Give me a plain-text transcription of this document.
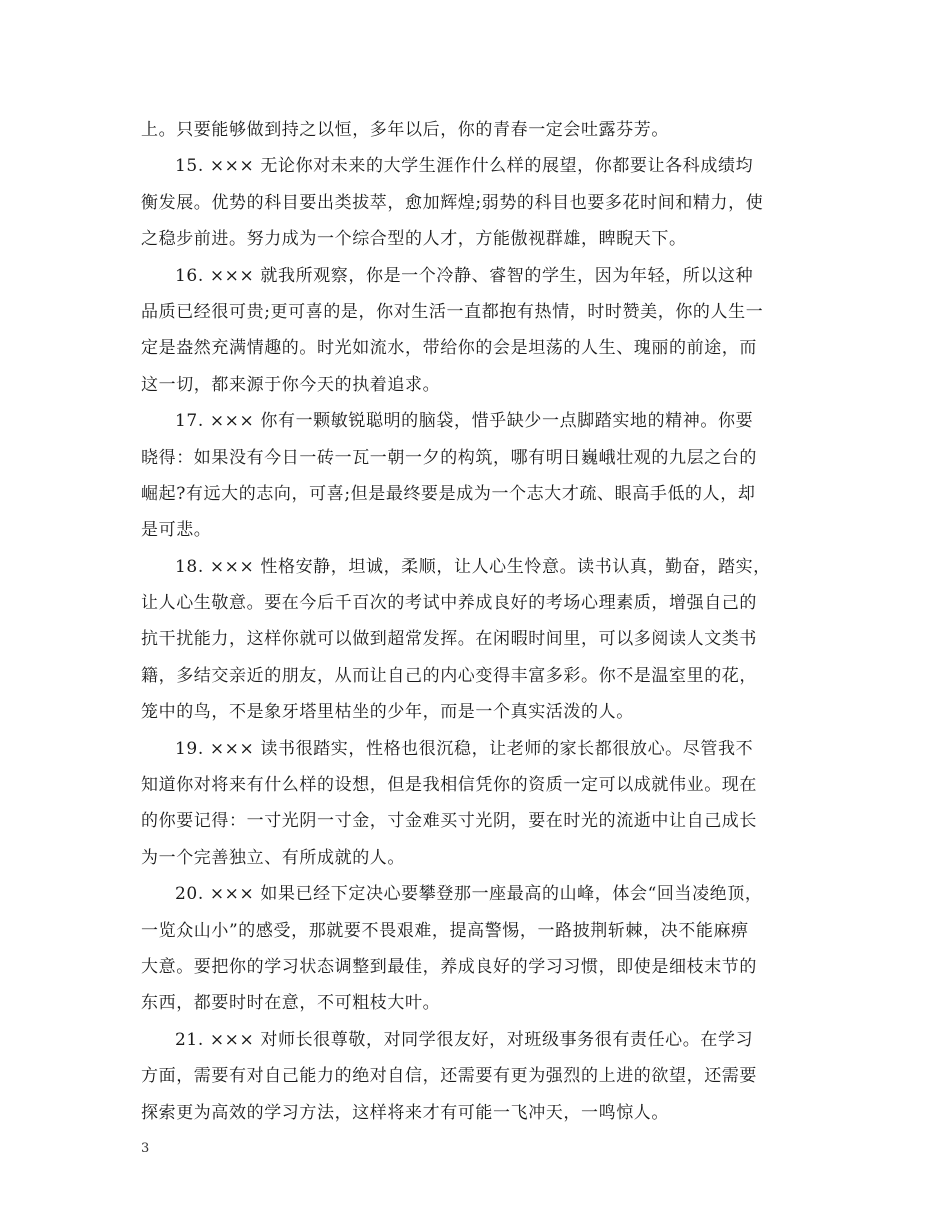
上。只要能够做到持之以恒，多年以后，你的青春一定会吐露芬芳。
15. ××× 无论你对未来的大学生涯作什么样的展望，你都要让各科成绩均
衡发展。优势的科目要出类拔萃，愈加辉煌;弱势的科目也要多花时间和精力，使
之稳步前进。努力成为一个综合型的人才，方能傲视群雄，睥睨天下。
16. ××× 就我所观察，你是一个冷静、睿智的学生，因为年轻，所以这种
品质已经很可贵;更可喜的是，你对生活一直都抱有热情，时时赞美，你的人生一
定是盎然充满情趣的。时光如流水，带给你的会是坦荡的人生、瑰丽的前途，而
这一切，都来源于你今天的执着追求。
17. ××× 你有一颗敏锐聪明的脑袋，惜乎缺少一点脚踏实地的精神。你要
晓得：如果没有今日一砖一瓦一朝一夕的构筑，哪有明日巍峨壮观的九层之台的
崛起?有远大的志向，可喜;但是最终要是成为一个志大才疏、眼高手低的人，却
是可悲。
18. ××× 性格安静，坦诚，柔顺，让人心生怜意。读书认真，勤奋，踏实，
让人心生敬意。要在今后千百次的考试中养成良好的考场心理素质，增强自己的
抗干扰能力，这样你就可以做到超常发挥。在闲暇时间里，可以多阅读人文类书
籍，多结交亲近的朋友，从而让自己的内心变得丰富多彩。你不是温室里的花，
笼中的鸟，不是象牙塔里枯坐的少年，而是一个真实活泼的人。
19. ××× 读书很踏实，性格也很沉稳，让老师的家长都很放心。尽管我不
知道你对将来有什么样的设想，但是我相信凭你的资质一定可以成就伟业。现在
的你要记得：一寸光阴一寸金，寸金难买寸光阴，要在时光的流逝中让自己成长
为一个完善独立、有所成就的人。
20. ××× 如果已经下定决心要攀登那一座最高的山峰，体会“回当凌绝顶，
一览众山小”的感受，那就要不畏艰难，提高警惕，一路披荆斩棘，决不能麻痹
大意。要把你的学习状态调整到最佳，养成良好的学习习惯，即使是细枝末节的
东西，都要时时在意，不可粗枝大叶。
21. ××× 对师长很尊敬，对同学很友好，对班级事务很有责任心。在学习
方面，需要有对自己能力的绝对自信，还需要有更为强烈的上进的欲望，还需要
探索更为高效的学习方法，这样将来才有可能一飞冲天，一鸣惊人。
3
